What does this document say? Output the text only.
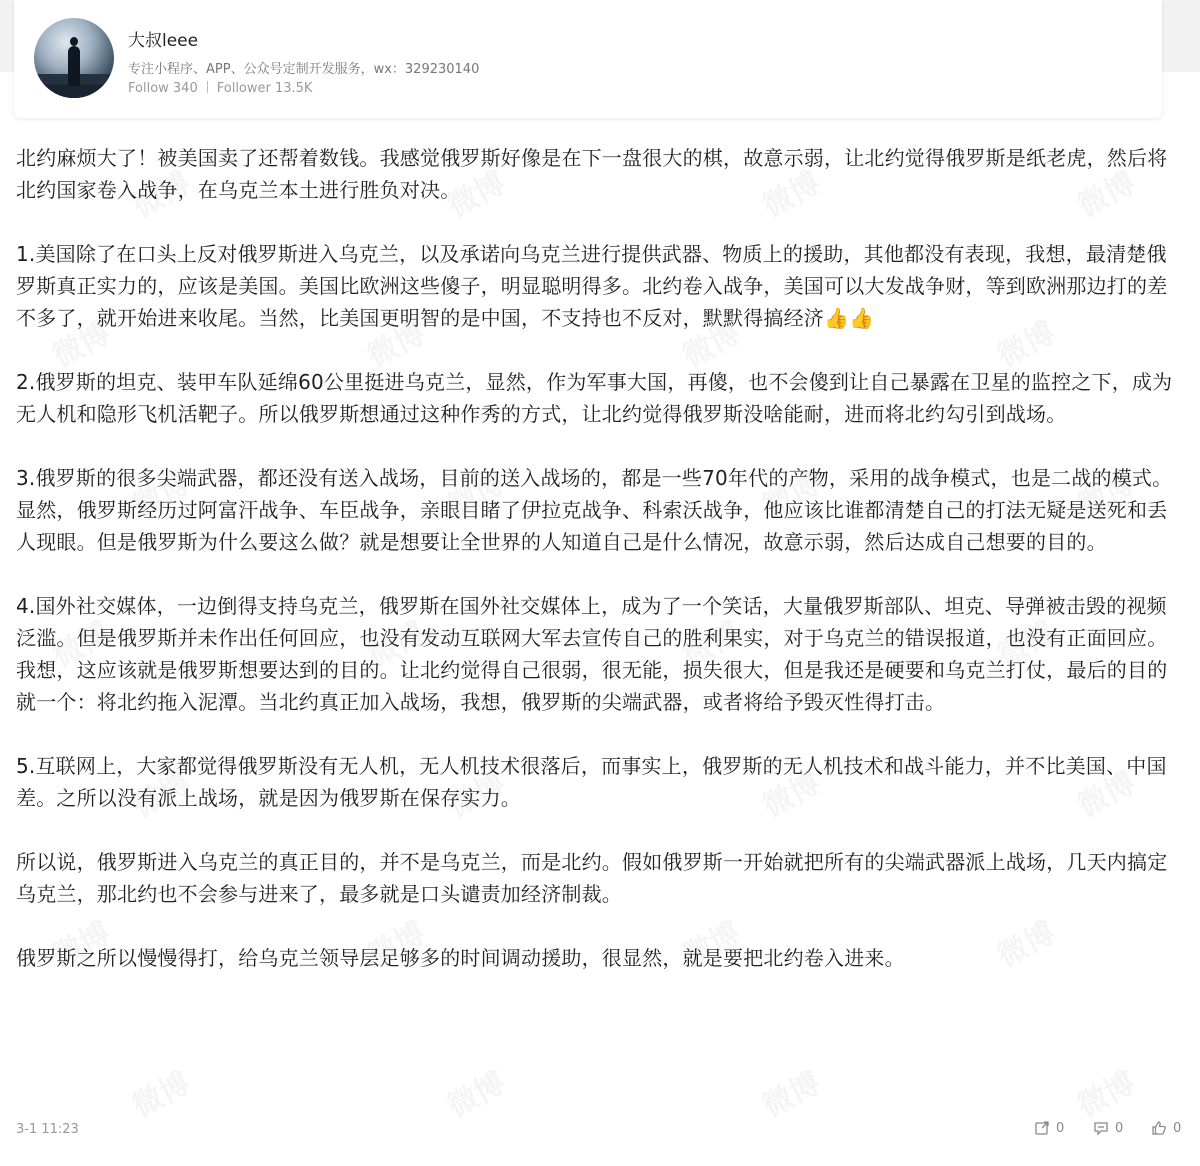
大叔leee
专注小程序、APP、公众号定制开发服务，wx：329230140
Follow 340 Follower 13.5K

北约麻烦大了！被美国卖了还帮着数钱。我感觉俄罗斯好像是在下一盘很大的棋，故意示弱，让北约觉得俄罗斯是纸老虎，然后将北约国家卷入战争，在乌克兰本土进行胜负对决。

1.美国除了在口头上反对俄罗斯进入乌克兰，以及承诺向乌克兰进行提供武器、物质上的援助，其他都没有表现，我想，最清楚俄罗斯真正实力的，应该是美国。美国比欧洲这些傻子，明显聪明得多。北约卷入战争，美国可以大发战争财，等到欧洲那边打的差不多了，就开始进来收尾。当然，比美国更明智的是中国，不支持也不反对，默默得搞经济👍👍

2.俄罗斯的坦克、装甲车队延绵60公里挺进乌克兰，显然，作为军事大国，再傻，也不会傻到让自己暴露在卫星的监控之下，成为无人机和隐形飞机活靶子。所以俄罗斯想通过这种作秀的方式，让北约觉得俄罗斯没啥能耐，进而将北约勾引到战场。

3.俄罗斯的很多尖端武器，都还没有送入战场，目前的送入战场的，都是一些70年代的产物，采用的战争模式，也是二战的模式。显然，俄罗斯经历过阿富汗战争、车臣战争，亲眼目睹了伊拉克战争、科索沃战争，他应该比谁都清楚自己的打法无疑是送死和丢人现眼。但是俄罗斯为什么要这么做？就是想要让全世界的人知道自己是什么情况，故意示弱，然后达成自己想要的目的。

4.国外社交媒体，一边倒得支持乌克兰，俄罗斯在国外社交媒体上，成为了一个笑话，大量俄罗斯部队、坦克、导弹被击毁的视频泛滥。但是俄罗斯并未作出任何回应，也没有发动互联网大军去宣传自己的胜利果实，对于乌克兰的错误报道，也没有正面回应。我想，这应该就是俄罗斯想要达到的目的。让北约觉得自己很弱，很无能，损失很大，但是我还是硬要和乌克兰打仗，最后的目的就一个：将北约拖入泥潭。当北约真正加入战场，我想，俄罗斯的尖端武器，或者将给予毁灭性得打击。

5.互联网上，大家都觉得俄罗斯没有无人机，无人机技术很落后，而事实上，俄罗斯的无人机技术和战斗能力，并不比美国、中国差。之所以没有派上战场，就是因为俄罗斯在保存实力。

所以说，俄罗斯进入乌克兰的真正目的，并不是乌克兰，而是北约。假如俄罗斯一开始就把所有的尖端武器派上战场，几天内搞定乌克兰，那北约也不会参与进来了，最多就是口头谴责加经济制裁。

俄罗斯之所以慢慢得打，给乌克兰领导层足够多的时间调动援助，很显然，就是要把北约卷入进来。

3-1 11:23	0	0	0
